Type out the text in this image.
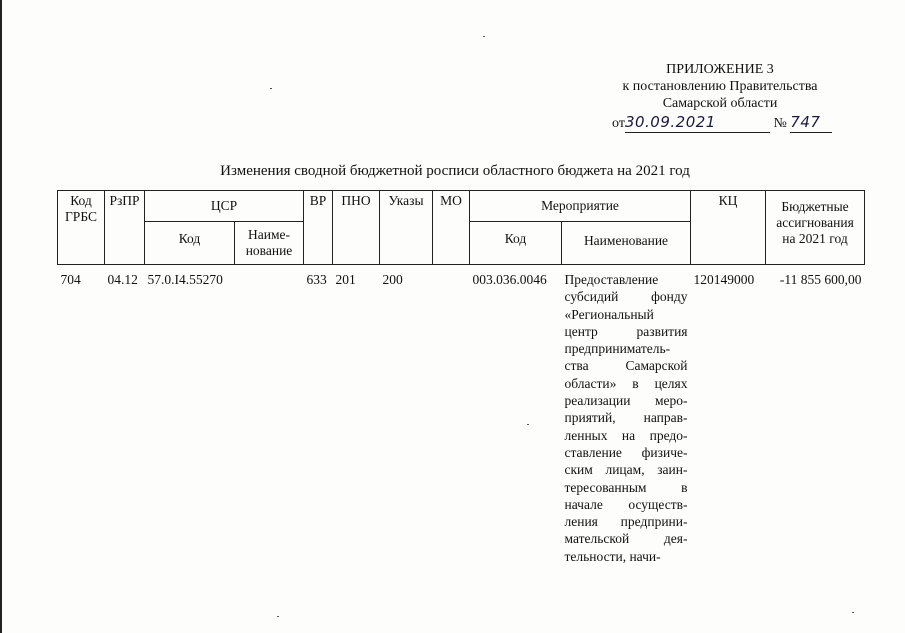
ПРИЛОЖЕНИЕ 3
к постановлению Правительства
Самарской области
от30.09.2021	№ 747
Изменения сводной бюджетной росписи областного бюджета на 2021 год
Код ГРБС	РзПР	ЦСР		ВР	ПНО	Указы	МО	Мероприятие		КЦ	Бюджетные ассигнования на 2021 год
		Код	Наиме-нование					Код	Наименование		
704	04.12	57.0.I4.55270		633	201	200		003.036.0046	Предоставление субсидий фонду «Региональный центр развития предприниматель-ства Самарской области» в целях реализации меро-приятий, направ-ленных на предо-ставление физиче-ским лицам, заин-тересованным в начале осуществ-ления предприни-мательской дея-тельности, начи-	120149000	-11 855 600,00
